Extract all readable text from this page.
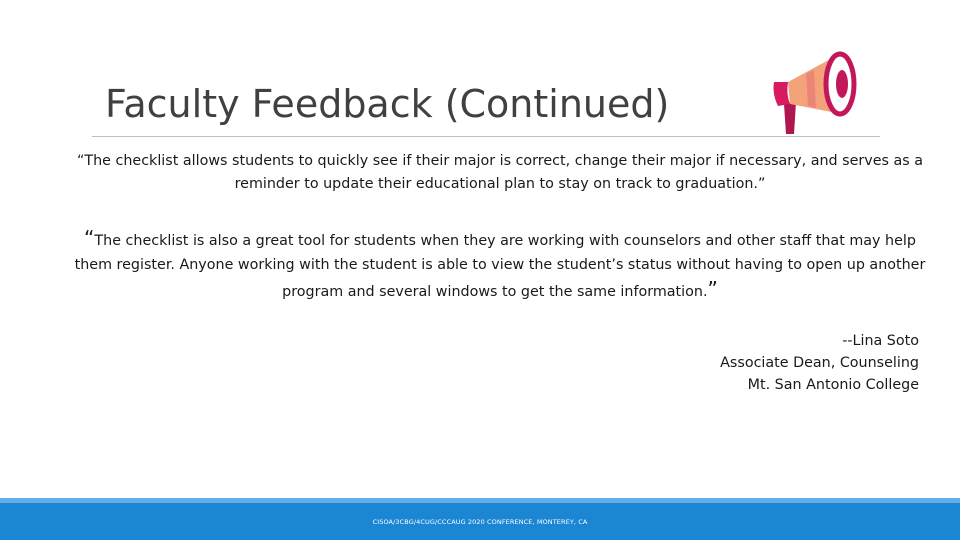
Faculty Feedback (Continued)
“The checklist allows students to quickly see if their major is correct, change their major if necessary, and serves as a reminder to update their educational plan to stay on track to graduation.”
“The checklist is also a great tool for students when they are working with counselors and other staff that may help them register. Anyone working with the student is able to view the student’s status without having to open up another program and several windows to get the same information.”
--Lina Soto
Associate Dean, Counseling
Mt. San Antonio College
CISOA/3CBG/4CUG/CCCAUG 2020 CONFERENCE, MONTEREY, CA
